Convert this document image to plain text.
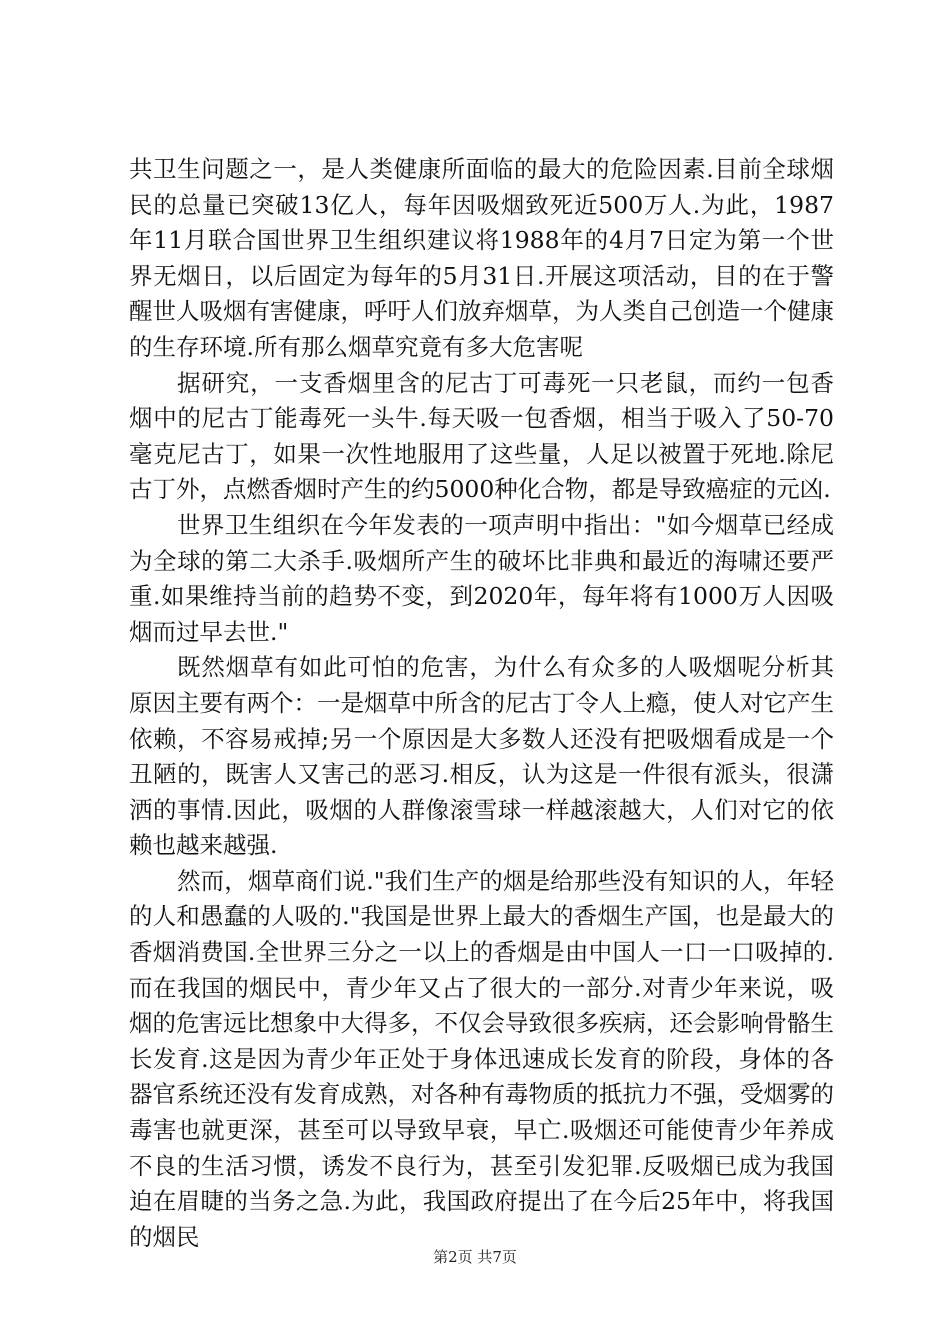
共卫生问题之一，是人类健康所面临的最大的危险因素.目前全球烟民的总量已突破13亿人，每年因吸烟致死近500万人.为此，1987年11月联合国世界卫生组织建议将1988年的4月7日定为第一个世界无烟日，以后固定为每年的5月31日.开展这项活动，目的在于警醒世人吸烟有害健康，呼吁人们放弃烟草，为人类自己创造一个健康的生存环境.所有那么烟草究竟有多大危害呢

据研究，一支香烟里含的尼古丁可毒死一只老鼠，而约一包香烟中的尼古丁能毒死一头牛.每天吸一包香烟，相当于吸入了50-70毫克尼古丁，如果一次性地服用了这些量，人足以被置于死地.除尼古丁外，点燃香烟时产生的约5000种化合物，都是导致癌症的元凶.

世界卫生组织在今年发表的一项声明中指出："如今烟草已经成为全球的第二大杀手.吸烟所产生的破坏比非典和最近的海啸还要严重.如果维持当前的趋势不变，到2020年，每年将有1000万人因吸烟而过早去世."

既然烟草有如此可怕的危害，为什么有众多的人吸烟呢分析其原因主要有两个：一是烟草中所含的尼古丁令人上瘾，使人对它产生依赖，不容易戒掉;另一个原因是大多数人还没有把吸烟看成是一个丑陋的，既害人又害己的恶习.相反，认为这是一件很有派头，很潇洒的事情.因此，吸烟的人群像滚雪球一样越滚越大，人们对它的依赖也越来越强.

然而，烟草商们说."我们生产的烟是给那些没有知识的人，年轻的人和愚蠢的人吸的."我国是世界上最大的香烟生产国，也是最大的香烟消费国.全世界三分之一以上的香烟是由中国人一口一口吸掉的.而在我国的烟民中，青少年又占了很大的一部分.对青少年来说，吸烟的危害远比想象中大得多，不仅会导致很多疾病，还会影响骨骼生长发育.这是因为青少年正处于身体迅速成长发育的阶段，身体的各器官系统还没有发育成熟，对各种有毒物质的抵抗力不强，受烟雾的毒害也就更深，甚至可以导致早衰，早亡.吸烟还可能使青少年养成不良的生活习惯，诱发不良行为，甚至引发犯罪.反吸烟已成为我国迫在眉睫的当务之急.为此，我国政府提出了在今后25年中，将我国的烟民

第2页 共7页
